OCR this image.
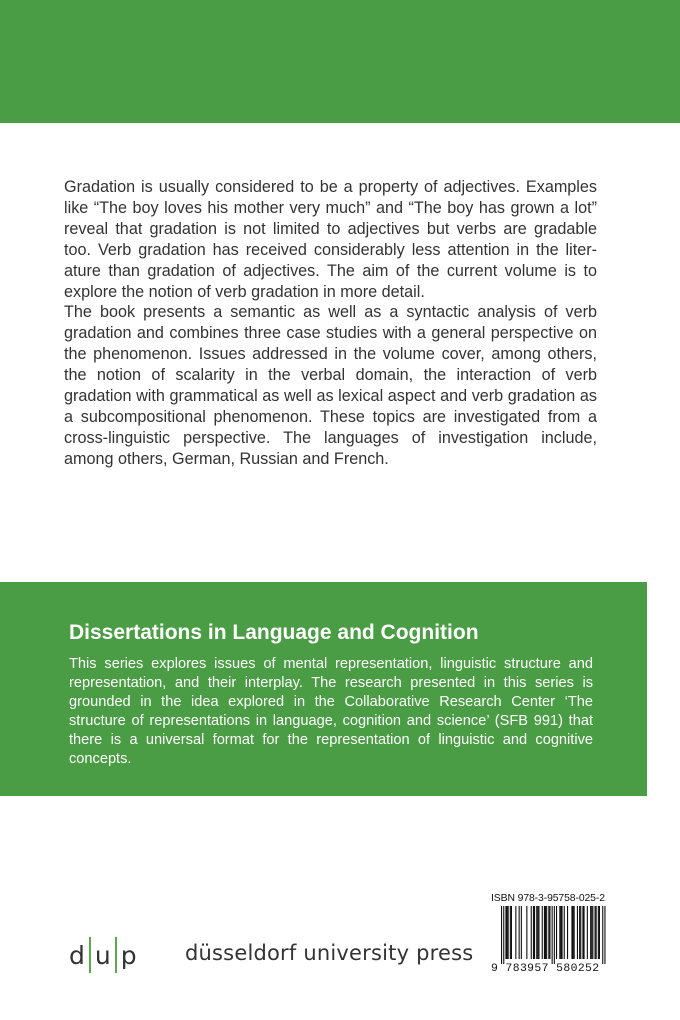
Gradation is usually considered to be a property of adjectives. Examples like “The boy loves his mother very much” and “The boy has grown a lot” reveal that gradation is not limited to adjectives but verbs are gradable too. Verb gradation has received considerably less attention in the literature than gradation of adjectives. The aim of the current volume is to explore the notion of verb gradation in more detail.

The book presents a semantic as well as a syntactic analysis of verb gradation and combines three case studies with a general perspective on the phenomenon. Issues addressed in the volume cover, among others, the notion of scalarity in the verbal domain, the interaction of verb gradation with grammatical as well as lexical aspect and verb gradation as a subcompositional phenomenon. These topics are investigated from a cross-linguistic perspective. The languages of investigation include, among others, German, Russian and French.

Dissertations in Language and Cognition
This series explores issues of mental representation, linguistic structure and representation, and their interplay. The research presented in this series is grounded in the idea explored in the Collaborative Research Center ‘The structure of representations in language, cognition and science’ (SFB 991) that there is a universal format for the representation of linguistic and cognitive concepts.
d u p düsseldorf university press
ISBN 978-3-95758-025-2
9 783957 580252
